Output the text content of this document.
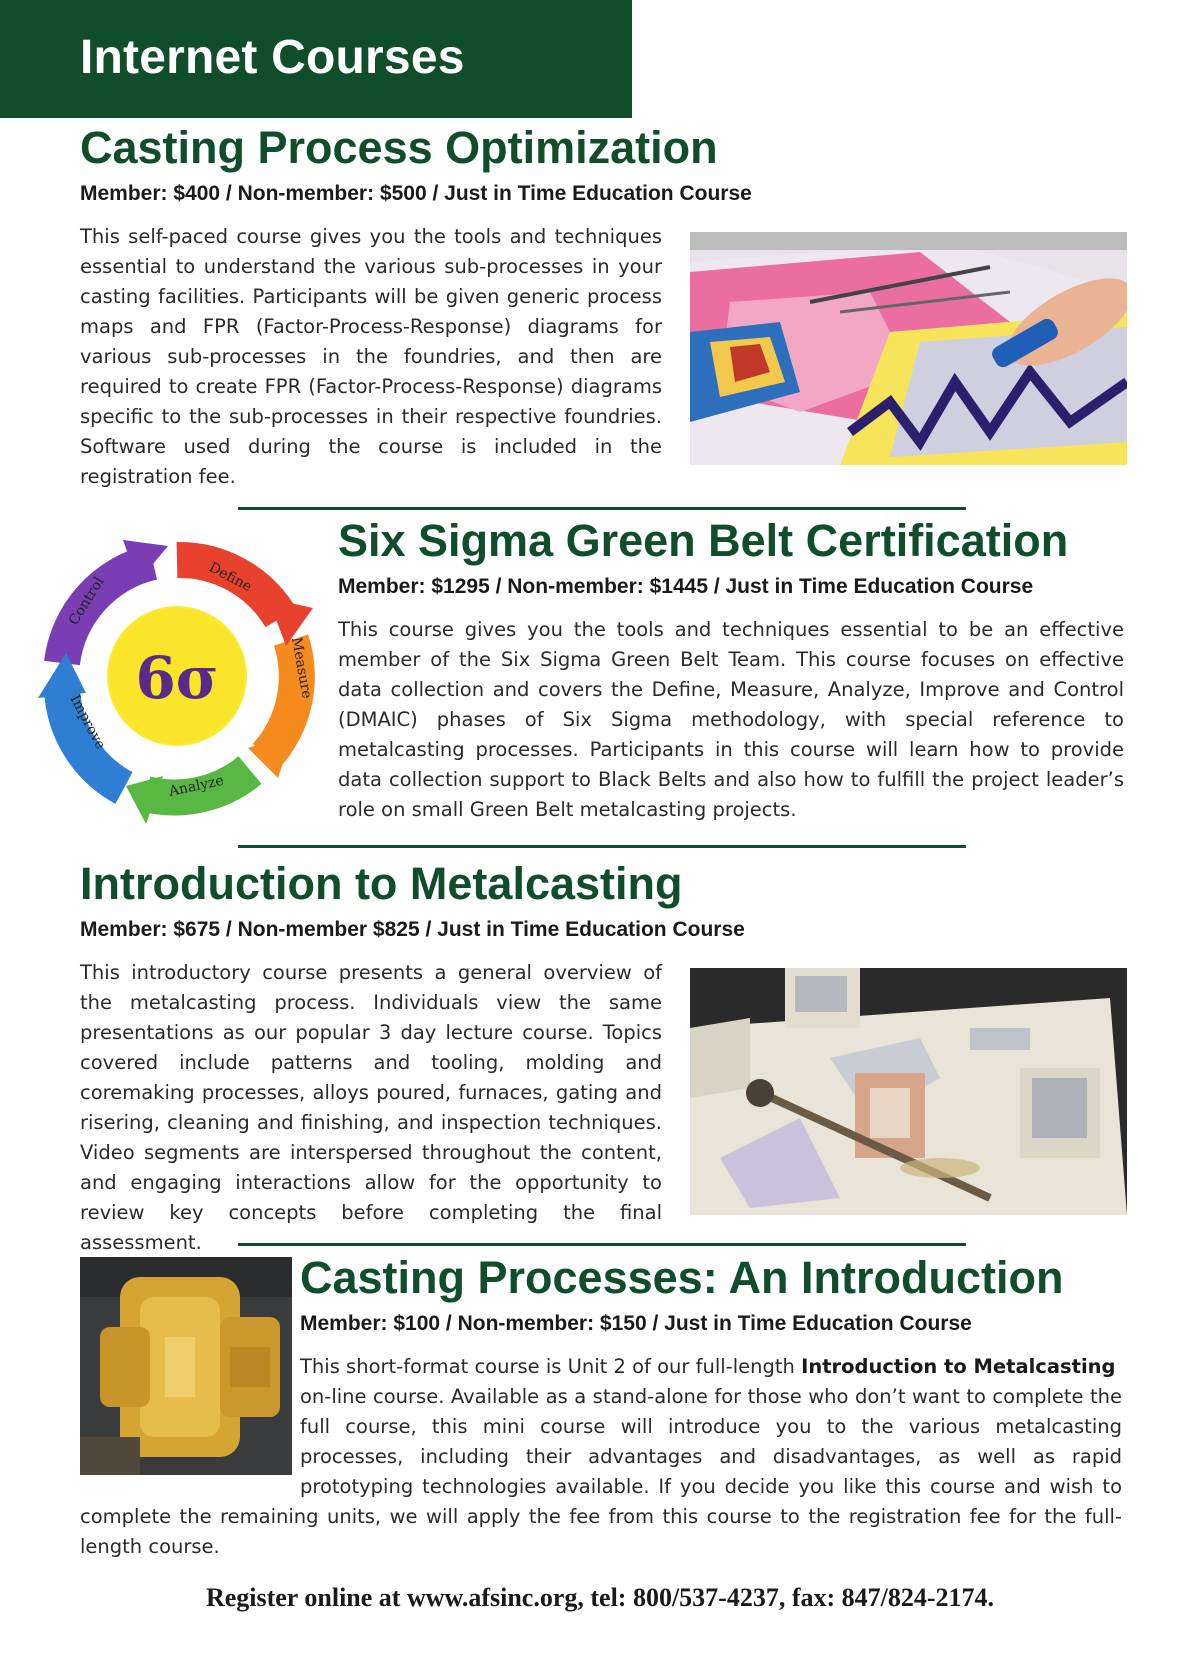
Internet Courses
Casting Process Optimization

Member: $400 / Non-member: $500 / Just in Time Education Course

This self-paced course gives you the tools and techniques essential to understand the various sub-processes in your casting facilities. Participants will be given generic process maps and FPR (Factor-Process-Response) diagrams for various sub-processes in the foundries, and then are required to create FPR (Factor-Process-Response) diagrams specific to the sub-processes in their respective foundries. Software used during the course is included in the registration fee.

6σ
Define
Measure
Analyze
Improve
Control
Six Sigma Green Belt Certification

Member: $1295 / Non-member: $1445 / Just in Time Education Course

This course gives you the tools and techniques essential to be an effective member of the Six Sigma Green Belt Team. This course focuses on effective data collection and covers the Define, Measure, Analyze, Improve and Control (DMAIC) phases of Six Sigma methodology, with special reference to metalcasting processes. Participants in this course will learn how to provide data collection support to Black Belts and also how to fulfill the project leader’s role on small Green Belt metalcasting projects.

Introduction to Metalcasting

Member: $675 / Non-member $825 / Just in Time Education Course

This introductory course presents a general overview of the metalcasting process. Individuals view the same presentations as our popular 3 day lecture course. Topics covered include patterns and tooling, molding and coremaking processes, alloys poured, furnaces, gating and risering, cleaning and finishing, and inspection techniques. Video segments are interspersed throughout the content, and engaging interactions allow for the opportunity to review key concepts before completing the final assessment.

Casting Processes: An Introduction

Member: $100 / Non-member: $150 / Just in Time Education Course

This short-format course is Unit 2 of our full-length Introduction to Metalcasting

on-line course. Available as a stand-alone for those who don’t want to complete the full course, this mini course will introduce you to the various metalcasting processes, including their advantages and disadvantages, as well as rapid prototyping technologies available. If you decide you like this course and wish to complete the remaining units, we will apply the fee from this course to the registration fee for the full-length course.

Register online at www.afsinc.org, tel: 800/537-4237, fax: 847/824-2174.
